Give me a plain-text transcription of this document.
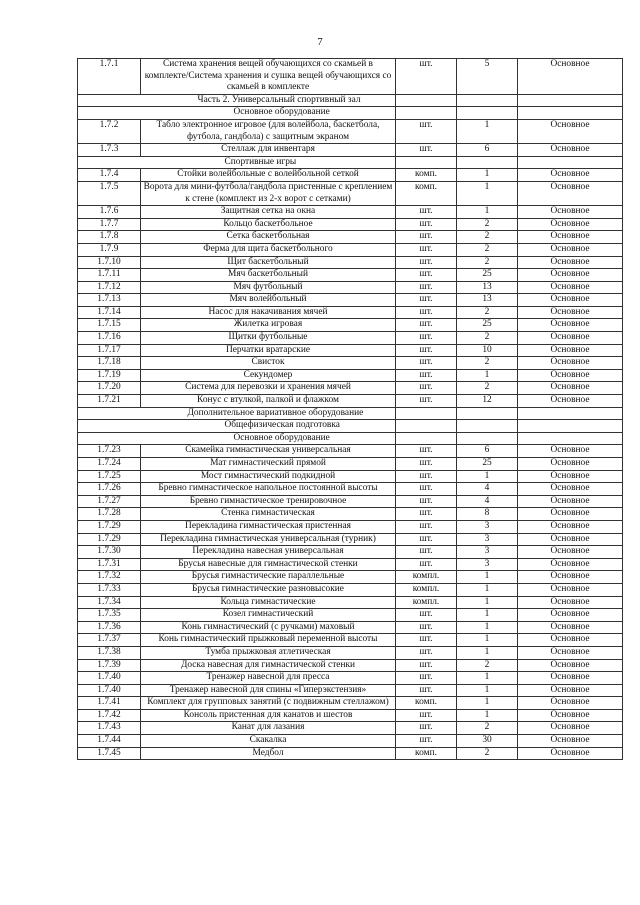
7
1.7.1	Система хранения вещей обучающихся со скамьей в комплекте/Система хранения и сушка вещей обучающихся со скамьей в комплекте	шт.	5	Основное
	Часть 2. Универсальный спортивный зал			
	Основное оборудование			
1.7.2	Табло электронное игровое (для волейбола, баскетбола, футбола, гандбола) с защитным экраном	шт.	1	Основное
1.7.3	Стеллаж для инвентаря	шт.	6	Основное
	Спортивные игры			
1.7.4	Стойки волейбольные с волейбольной сеткой	комп.	1	Основное
1.7.5	Ворота для мини-футбола/гандбола пристенные с креплением к стене (комплект из 2-х ворот с сетками)	комп.	1	Основное
1.7.6	Защитная сетка на окна	шт.	1	Основное
1.7.7	Кольцо баскетбольное	шт.	2	Основное
1.7.8	Сетка баскетбольная	шт.	2	Основное
1.7.9	Ферма для щита баскетбольного	шт.	2	Основное
1.7.10	Щит баскетбольный	шт.	2	Основное
1.7.11	Мяч баскетбольный	шт.	25	Основное
1.7.12	Мяч футбольный	шт.	13	Основное
1.7.13	Мяч волейбольный	шт.	13	Основное
1.7.14	Насос для накачивания мячей	шт.	2	Основное
1.7.15	Жилетка игровая	шт.	25	Основное
1.7.16	Щитки футбольные	шт.	2	Основное
1.7.17	Перчатки вратарские	шт.	10	Основное
1.7.18	Свисток	шт.	2	Основное
1.7.19	Секундомер	шт.	1	Основное
1.7.20	Система для перевозки и хранения мячей	шт.	2	Основное
1.7.21	Конус с втулкой, палкой и флажком	шт.	12	Основное
	Дополнительное вариативное оборудование			
	Общефизическая подготовка			
	Основное оборудование			
1.7.23	Скамейка гимнастическая универсальная	шт.	6	Основное
1.7.24	Мат гимнастический прямой	шт.	25	Основное
1.7.25	Мост гимнастический подкидной	шт.	1	Основное
1.7.26	Бревно гимнастическое напольное постоянной высоты	шт.	4	Основное
1.7.27	Бревно гимнастическое тренировочное	шт.	4	Основное
1.7.28	Стенка гимнастическая	шт.	8	Основное
1.7.29	Перекладина гимнастическая пристенная	шт.	3	Основное
1.7.29	Перекладина гимнастическая универсальная (турник)	шт.	3	Основное
1.7.30	Перекладина навесная универсальная	шт.	3	Основное
1.7.31	Брусья навесные для гимнастической стенки	шт.	3	Основное
1.7.32	Брусья гимнастические параллельные	компл.	1	Основное
1.7.33	Брусья гимнастические разновысокие	компл.	1	Основное
1.7.34	Кольца гимнастические	компл.	1	Основное
1.7.35	Козел гимнастический	шт.	1	Основное
1.7.36	Конь гимнастический (с ручками) маховый	шт.	1	Основное
1.7.37	Конь гимнастический прыжковый переменной высоты	шт.	1	Основное
1.7.38	Тумба прыжковая атлетическая	шт.	1	Основное
1.7.39	Доска навесная для гимнастической стенки	шт.	2	Основное
1.7.40	Тренажер навесной для пресса	шт.	1	Основное
1.7.40	Тренажер навесной для спины «Гиперэкстензия»	шт.	1	Основное
1.7.41	Комплект для групповых занятий (с подвижным стеллажом)	комп.	1	Основное
1.7.42	Консоль пристенная для канатов и шестов	шт.	1	Основное
1.7.43	Канат для лазания	шт.	2	Основное
1.7.44	Скакалка	шт.	30	Основное
1.7.45	Медбол	комп.	2	Основное
